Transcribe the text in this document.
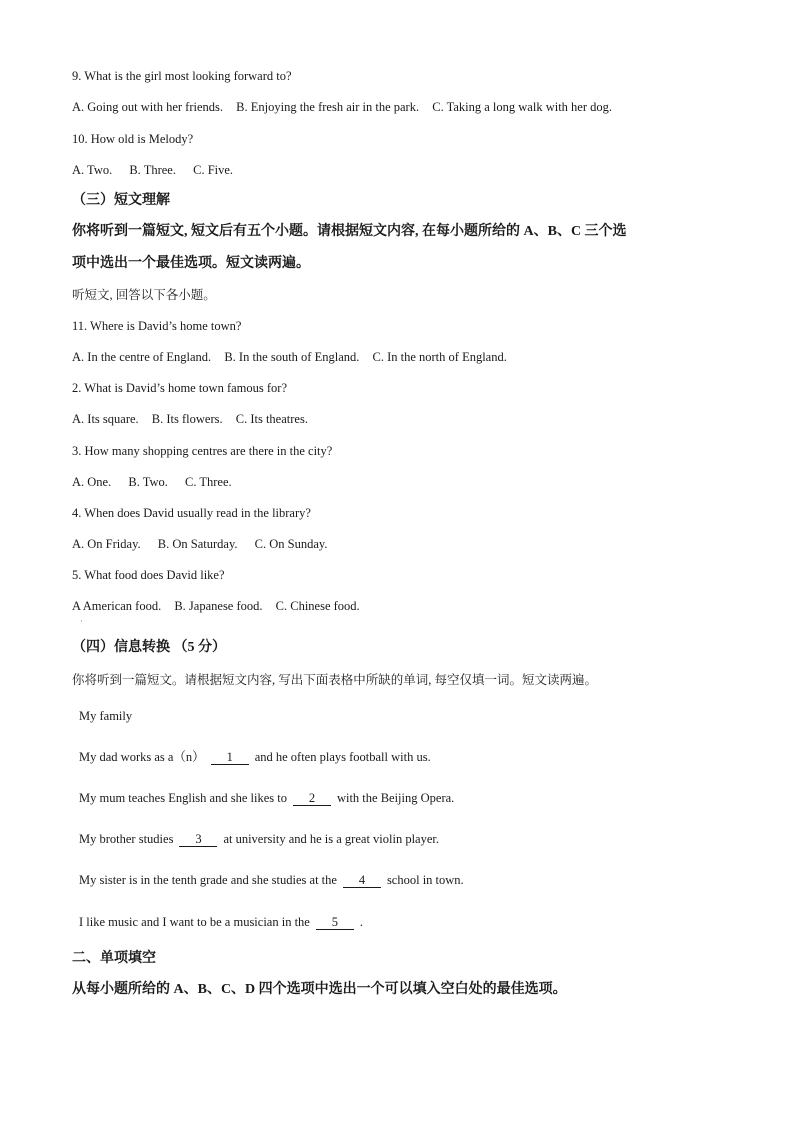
9. What is the girl most looking forward to?
A. Going out with her friends. B. Enjoying the fresh air in the park. C. Taking a long walk with her dog.
10. How old is Melody?
A. Two. B. Three. C. Five.
（三）短文理解
你将听到一篇短文, 短文后有五个小题。请根据短文内容, 在每小题所给的 A、B、C 三个选
项中选出一个最佳选项。短文读两遍。
听短文, 回答以下各小题。
11. Where is David’s home town?
A. In the centre of England. B. In the south of England. C. In the north of England.
2. What is David’s home town famous for?
A. Its square. B. Its flowers. C. Its theatres.
3. How many shopping centres are there in the city?
A. One. B. Two. C. Three.
4. When does David usually read in the library?
A. On Friday. B. On Saturday. C. On Sunday.
5. What food does David like?
A American food. B. Japanese food. C. Chinese food.
·
（四）信息转换 （5 分）
你将听到一篇短文。请根据短文内容, 写出下面表格中所缺的单词, 每空仅填一词。短文读两遍。
My family
My dad works as a（n） 1 and he often plays football with us.
My mum teaches English and she likes to 2 with the Beijing Opera.
My brother studies 3 at university and he is a great violin player.
My sister is in the tenth grade and she studies at the 4 school in town.
I like music and I want to be a musician in the 5 .
二、单项填空
从每小题所给的 A、B、C、D 四个选项中选出一个可以填入空白处的最佳选项。
